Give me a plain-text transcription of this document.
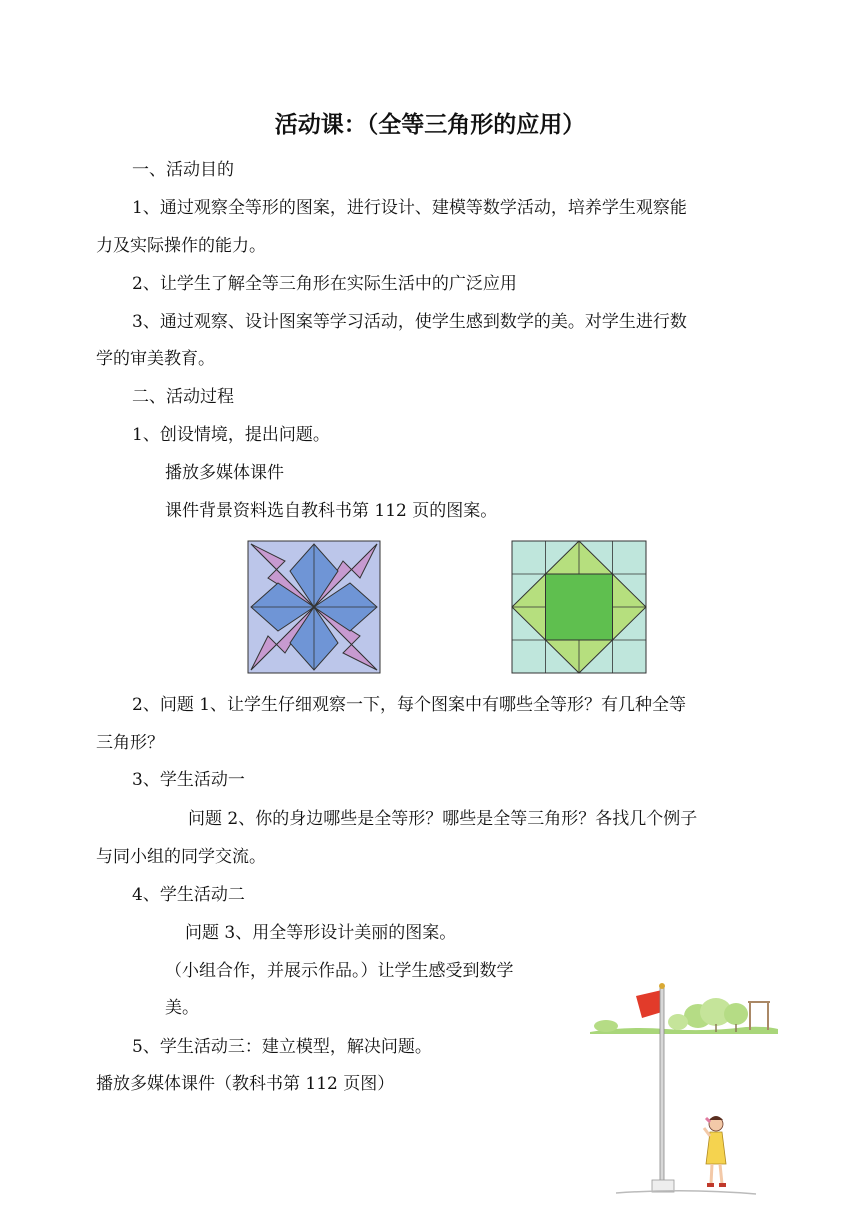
活动课：（全等三角形的应用）
一、活动目的
1、通过观察全等形的图案，进行设计、建模等数学活动，培养学生观察能
力及实际操作的能力。
2、让学生了解全等三角形在实际生活中的广泛应用
3、通过观察、设计图案等学习活动，使学生感到数学的美。对学生进行数
学的审美教育。
二、活动过程
1、创设情境，提出问题。
播放多媒体课件
课件背景资料选自教科书第 112 页的图案。
2、问题 1、让学生仔细观察一下，每个图案中有哪些全等形？有几种全等
三角形？
3、学生活动一
问题 2、你的身边哪些是全等形？哪些是全等三角形？各找几个例子
与同小组的同学交流。
4、学生活动二
问题 3、用全等形设计美丽的图案。
（小组合作，并展示作品。）让学生感受到数学
美。
5、学生活动三：建立模型，解决问题。
播放多媒体课件（教科书第 112 页图）
